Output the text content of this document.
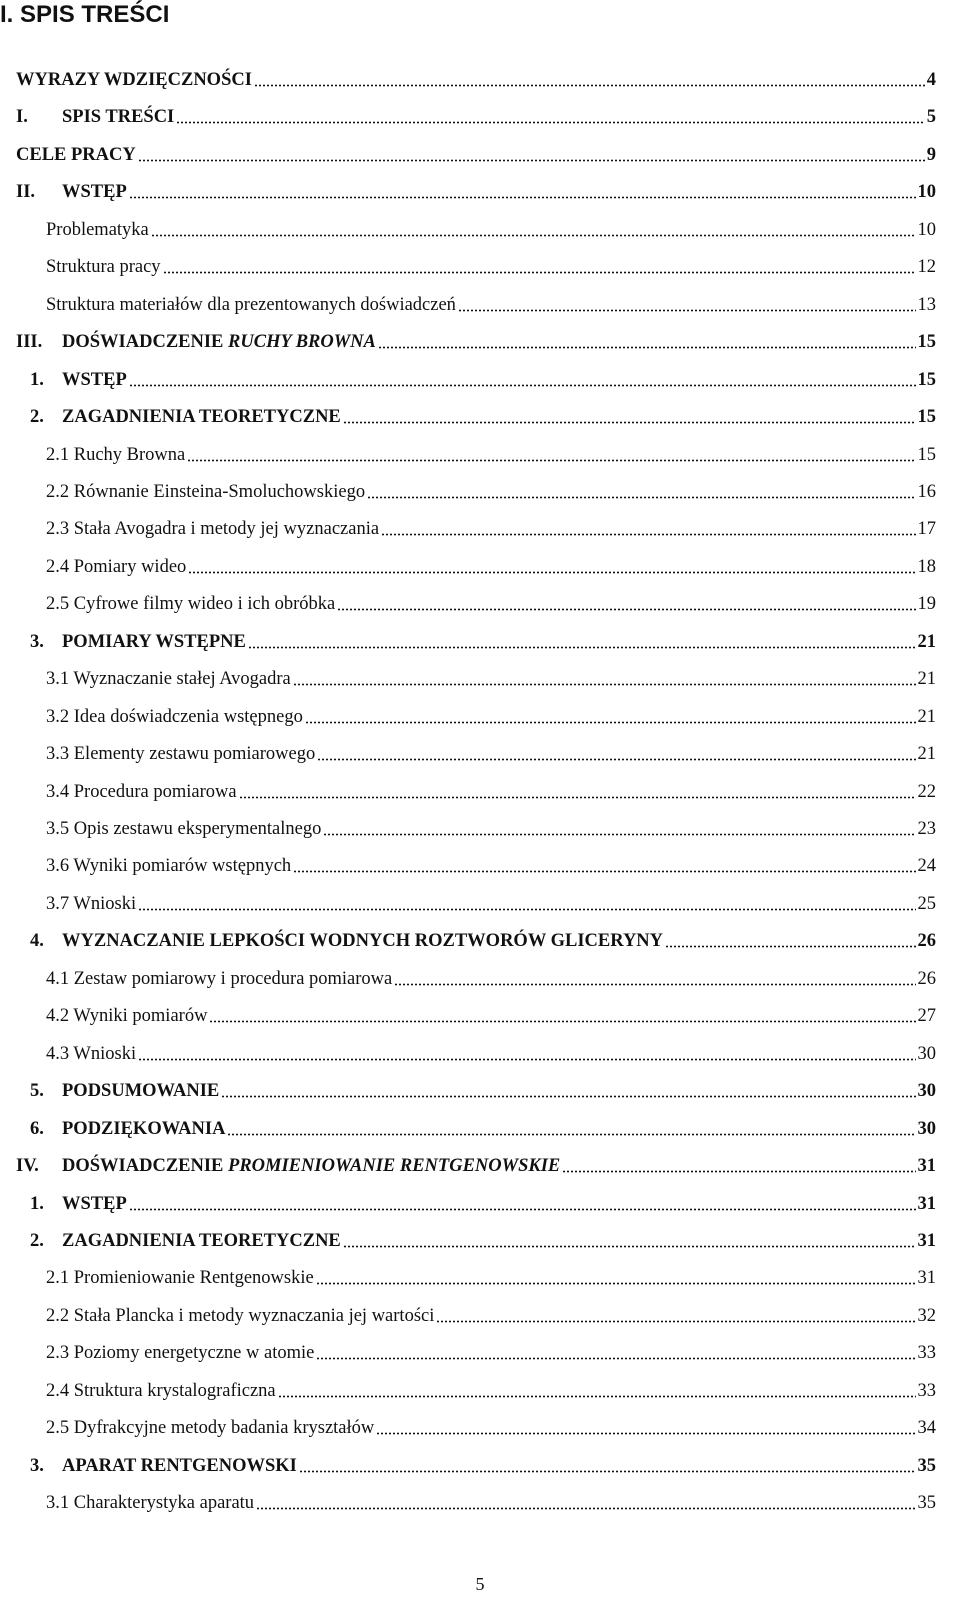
I. SPIS TREŚCI
WYRAZY WDZIĘCZNOŚCI	4
I.	SPIS TREŚCI	5
CELE PRACY	9
II.	WSTĘP	10
Problematyka	10
Struktura pracy	12
Struktura materiałów dla prezentowanych doświadczeń	13
III.	DOŚWIADCZENIE RUCHY BROWNA	15
1. WSTĘP	15
2. ZAGADNIENIA TEORETYCZNE	15
2.1 Ruchy Browna	15
2.2 Równanie Einsteina-Smoluchowskiego	16
2.3 Stała Avogadra i metody jej wyznaczania	17
2.4 Pomiary wideo	18
2.5 Cyfrowe filmy wideo i ich obróbka	19
3. POMIARY WSTĘPNE	21
3.1 Wyznaczanie stałej Avogadra	21
3.2 Idea doświadczenia wstępnego	21
3.3 Elementy zestawu pomiarowego	21
3.4 Procedura pomiarowa	22
3.5 Opis zestawu eksperymentalnego	23
3.6 Wyniki pomiarów wstępnych	24
3.7 Wnioski	25
4. WYZNACZANIE LEPKOŚCI WODNYCH ROZTWORÓW GLICERYNY	26
4.1 Zestaw pomiarowy i procedura pomiarowa	26
4.2 Wyniki pomiarów	27
4.3 Wnioski	30
5. PODSUMOWANIE	30
6. PODZIĘKOWANIA	30
IV.	DOŚWIADCZENIE PROMIENIOWANIE RENTGENOWSKIE	31
1. WSTĘP	31
2. ZAGADNIENIA TEORETYCZNE	31
2.1 Promieniowanie Rentgenowskie	31
2.2 Stała Plancka i metody wyznaczania jej wartości	32
2.3 Poziomy energetyczne w atomie	33
2.4 Struktura krystalograficzna	33
2.5 Dyfrakcyjne metody badania kryształów	34
3. APARAT RENTGENOWSKI	35
3.1 Charakterystyka aparatu	35
5
